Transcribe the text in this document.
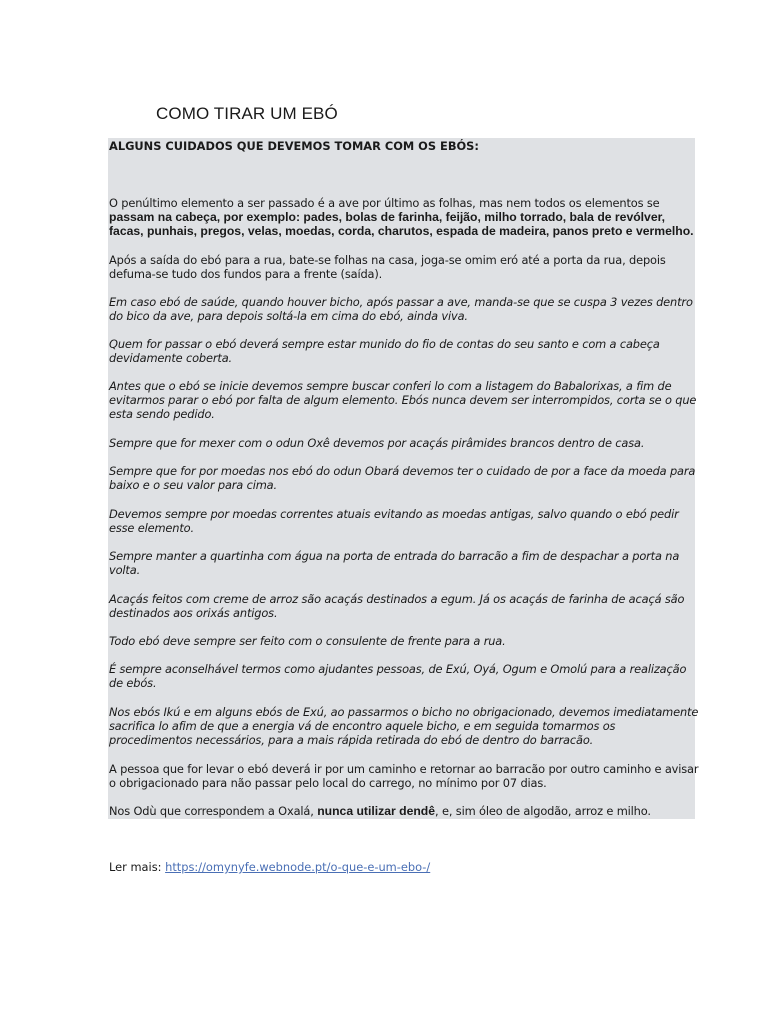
COMO TIRAR UM EBÓ

ALGUNS CUIDADOS QUE DEVEMOS TOMAR COM OS EBÓS:

O penúltimo elemento a ser passado é a ave por último as folhas, mas nem todos os elementos se passam na cabeça, por exemplo: pades, bolas de farinha, feijão, milho torrado, bala de revólver, facas, punhais, pregos, velas, moedas, corda, charutos, espada de madeira, panos preto e vermelho.

Após a saída do ebó para a rua, bate-se folhas na casa, joga-se omim eró até a porta da rua, depois defuma-se tudo dos fundos para a frente (saída).

Em caso ebó de saúde, quando houver bicho, após passar a ave, manda-se que se cuspa 3 vezes dentro do bico da ave, para depois soltá-la em cima do ebó, ainda viva.

Quem for passar o ebó deverá sempre estar munido do fio de contas do seu santo e com a cabeça devidamente coberta.

Antes que o ebó se inicie devemos sempre buscar conferi lo com a listagem do Babalorixas, a fim de evitarmos parar o ebó por falta de algum elemento. Ebós nunca devem ser interrompidos, corta se o que esta sendo pedido.

Sempre que for mexer com o odun Oxê devemos por acaçás pirâmides brancos dentro de casa.

Sempre que for por moedas nos ebó do odun Obará devemos ter o cuidado de por a face da moeda para baixo e o seu valor para cima.

Devemos sempre por moedas correntes atuais evitando as moedas antigas, salvo quando o ebó pedir esse elemento.

Sempre manter a quartinha com água na porta de entrada do barracão a fim de despachar a porta na volta.

Acaçás feitos com creme de arroz são acaçás destinados a egum. Já os acaçás de farinha de acaçá são destinados aos orixás antigos.

Todo ebó deve sempre ser feito com o consulente de frente para a rua.

É sempre aconselhável termos como ajudantes pessoas, de Exú, Oyá, Ogum e Omolú para a realização de ebós.

Nos ebós Ikú e em alguns ebós de Exú, ao passarmos o bicho no obrigacionado, devemos imediatamente sacrifica lo afim de que a energia vá de encontro aquele bicho, e em seguida tomarmos os procedimentos necessários, para a mais rápida retirada do ebó de dentro do barracão.

A pessoa que for levar o ebó deverá ir por um caminho e retornar ao barracão por outro caminho e avisar o obrigacionado para não passar pelo local do carrego, no mínimo por 07 dias.

Nos Odù que correspondem a Oxalá, nunca utilizar dendê, e, sim óleo de algodão, arroz e milho.

Ler mais: https://omynyfe.webnode.pt/o-que-e-um-ebo-/
